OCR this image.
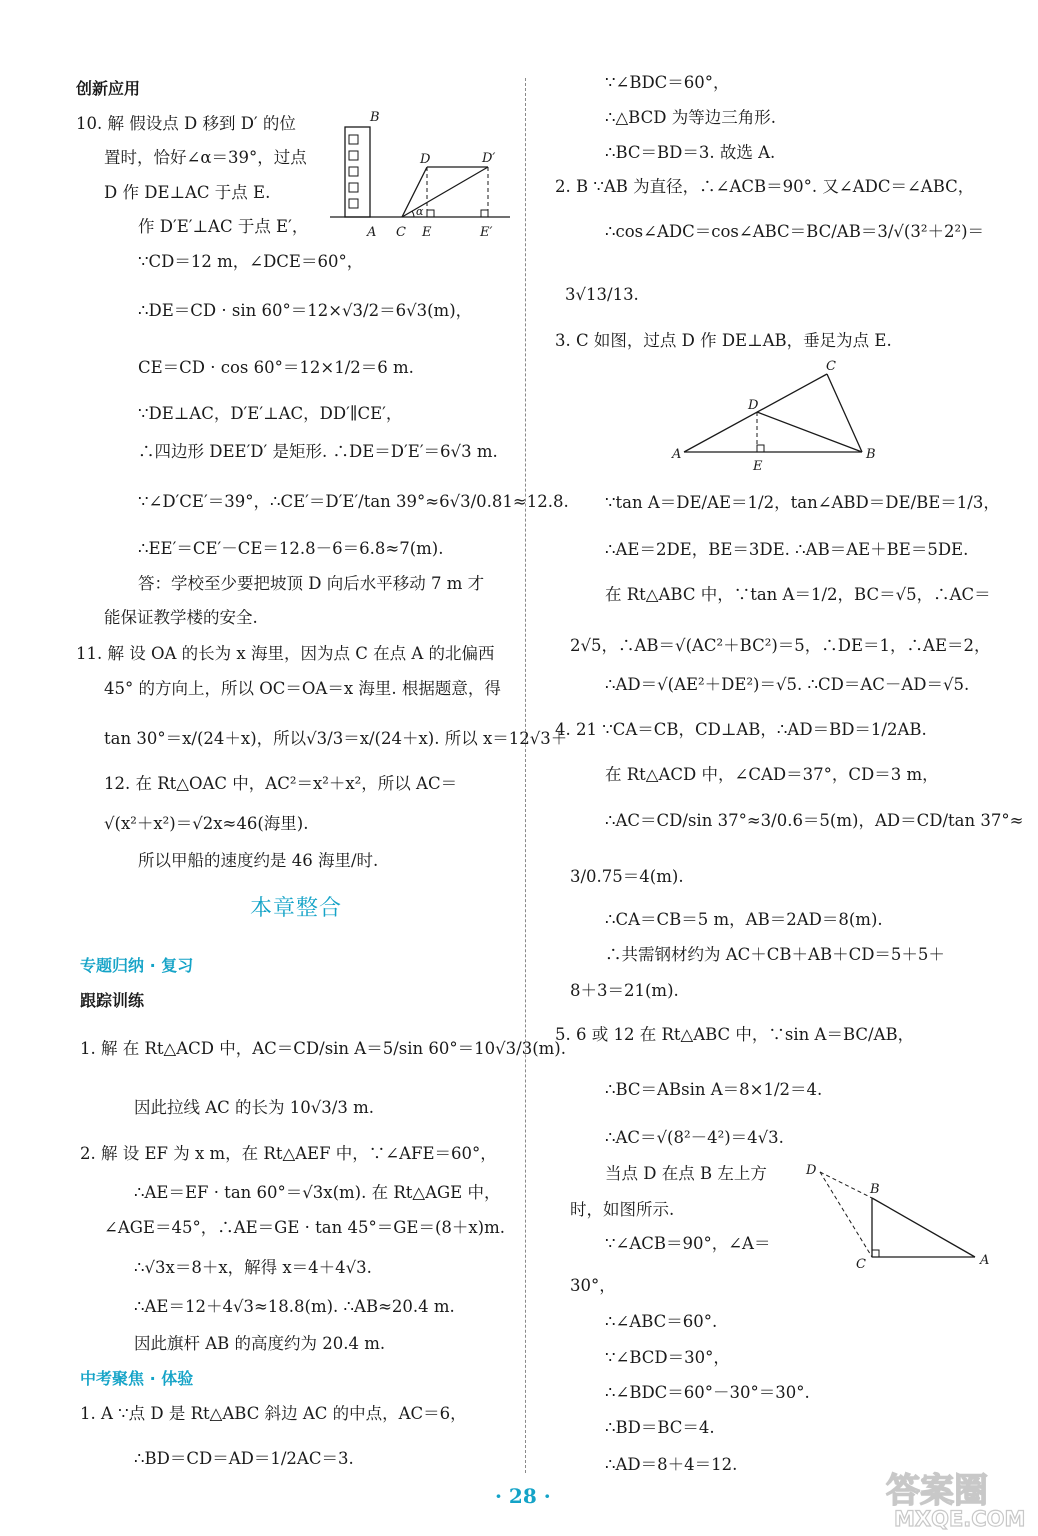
创新应用
10. 解 假设点 D 移到 D′ 的位
置时，恰好∠α＝39°，过点
D 作 DE⊥AC 于点 E.
作 D′E′⊥AC 于点 E′，
∵CD＝12 m，∠DCE＝60°，
∴DE＝CD · sin 60°＝12×√3/2＝6√3(m)，
CE＝CD · cos 60°＝12×1/2＝6 m.
∵DE⊥AC，D′E′⊥AC，DD′∥CE′，
∴四边形 DEE′D′ 是矩形. ∴DE＝D′E′＝6√3 m.
∵∠D′CE′＝39°，∴CE′＝D′E′/tan 39°≈6√3/0.81≈12.8.
∴EE′＝CE′－CE＝12.8－6＝6.8≈7(m).
答：学校至少要把坡顶 D 向后水平移动 7 m 才
能保证教学楼的安全.
11. 解 设 OA 的长为 x 海里，因为点 C 在点 A 的北偏西
45° 的方向上，所以 OC＝OA＝x 海里. 根据题意，得
tan 30°＝x/(24＋x)，所以√3/3＝x/(24＋x). 所以 x＝12√3＋
12. 在 Rt△OAC 中，AC²＝x²＋x²，所以 AC＝
√(x²＋x²)＝√2x≈46(海里).
所以甲船的速度约是 46 海里/时.
本章整合
专题归纳 · 复习
跟踪训练
1. 解 在 Rt△ACD 中，AC＝CD/sin A＝5/sin 60°＝10√3/3(m).
因此拉线 AC 的长为 10√3/3 m.
2. 解 设 EF 为 x m，在 Rt△AEF 中，∵∠AFE＝60°，
∴AE＝EF · tan 60°＝√3x(m). 在 Rt△AGE 中，
∠AGE＝45°，∴AE＝GE · tan 45°＝GE＝(8＋x)m.
∴√3x＝8＋x，解得 x＝4＋4√3.
∴AE＝12＋4√3≈18.8(m). ∴AB≈20.4 m.
因此旗杆 AB 的高度约为 20.4 m.
中考聚焦 · 体验
1. A ∵点 D 是 Rt△ABC 斜边 AC 的中点，AC＝6，
∴BD＝CD＝AD＝1/2AC＝3.
B
D	D′
A C E	E′
α
∵∠BDC＝60°，
∴△BCD 为等边三角形.
∴BC＝BD＝3. 故选 A.
2. B ∵AB 为直径，∴∠ACB＝90°. 又∠ADC＝∠ABC，
∴cos∠ADC＝cos∠ABC＝BC/AB＝3/√(3²＋2²)＝
3√13/13.
3. C 如图，过点 D 作 DE⊥AB，垂足为点 E.
C
D
A
E
B
∵tan A＝DE/AE＝1/2，tan∠ABD＝DE/BE＝1/3，
∴AE＝2DE，BE＝3DE. ∴AB＝AE＋BE＝5DE.
在 Rt△ABC 中，∵tan A＝1/2，BC＝√5，∴AC＝
2√5，∴AB＝√(AC²＋BC²)＝5，∴DE＝1，∴AE＝2，
∴AD＝√(AE²＋DE²)＝√5. ∴CD＝AC－AD＝√5.
4. 21 ∵CA＝CB，CD⊥AB，∴AD＝BD＝1/2AB.
在 Rt△ACD 中，∠CAD＝37°，CD＝3 m，
∴AC＝CD/sin 37°≈3/0.6＝5(m)，AD＝CD/tan 37°≈
3/0.75＝4(m).
∴CA＝CB＝5 m，AB＝2AD＝8(m).
∴共需钢材约为 AC＋CB＋AB＋CD＝5＋5＋
8＋3＝21(m).
5. 6 或 12 在 Rt△ABC 中，∵sin A＝BC/AB，
∴BC＝ABsin A＝8×1/2＝4.
∴AC＝√(8²－4²)＝4√3.
当点 D 在点 B 左上方
时，如图所示.
∵∠ACB＝90°，∠A＝
30°，
∴∠ABC＝60°.
∵∠BCD＝30°，
∴∠BDC＝60°－30°＝30°.
∴BD＝BC＝4.
∴AD＝8＋4＝12.
D
B
C	A
· 28 ·	答案圈
MXQE.COM
